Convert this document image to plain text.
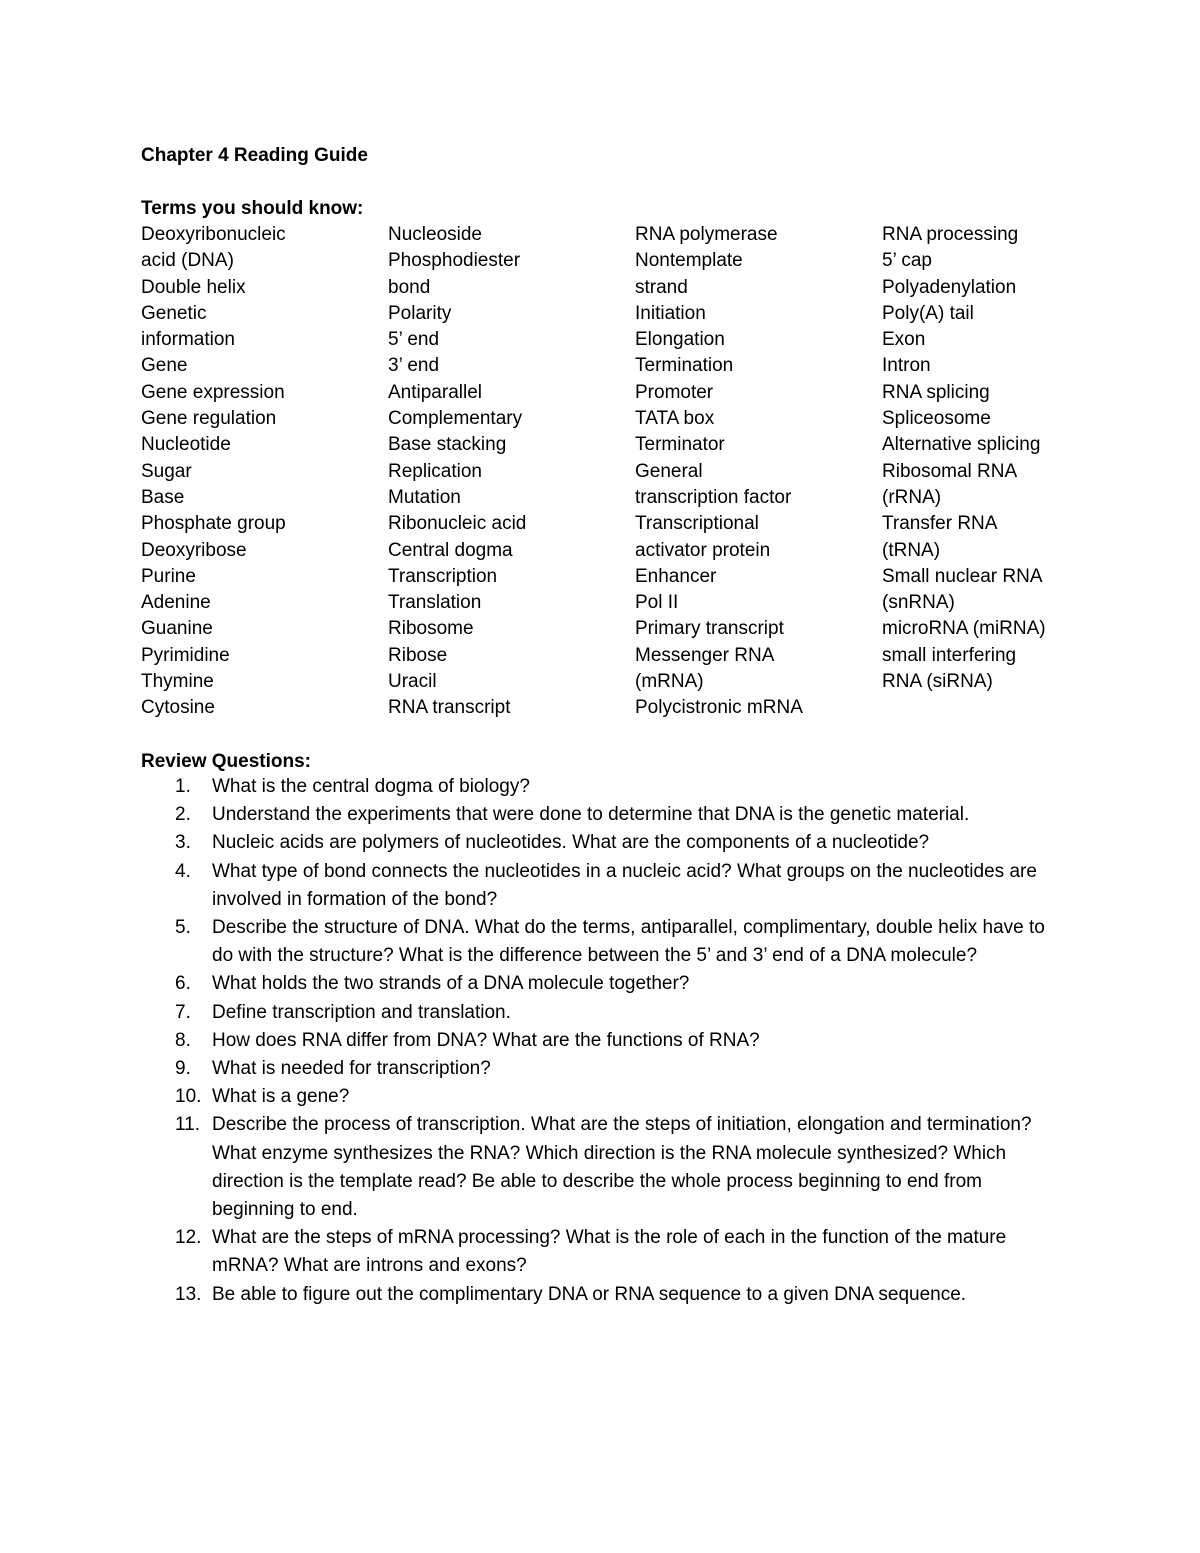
Chapter 4 Reading Guide
Terms you should know:
Deoxyribonucleic
acid (DNA)
Double helix
Genetic
information
Gene
Gene expression
Gene regulation
Nucleotide
Sugar
Base
Phosphate group
Deoxyribose
Purine
Adenine
Guanine
Pyrimidine
Thymine
Cytosine
Nucleoside
Phosphodiester
bond
Polarity
5’ end
3’ end
Antiparallel
Complementary
Base stacking
Replication
Mutation
Ribonucleic acid
Central dogma
Transcription
Translation
Ribosome
Ribose
Uracil
RNA transcript
RNA polymerase
Nontemplate
strand
Initiation
Elongation
Termination
Promoter
TATA box
Terminator
General
transcription factor
Transcriptional
activator protein
Enhancer
Pol II
Primary transcript
Messenger RNA
(mRNA)
Polycistronic mRNA
RNA processing
5’ cap
Polyadenylation
Poly(A) tail
Exon
Intron
RNA splicing
Spliceosome
Alternative splicing
Ribosomal RNA
(rRNA)
Transfer RNA
(tRNA)
Small nuclear RNA
(snRNA)
microRNA (miRNA)
small interfering
RNA (siRNA)
Review Questions:
1. What is the central dogma of biology?
2. Understand the experiments that were done to determine that DNA is the genetic material.
3. Nucleic acids are polymers of nucleotides. What are the components of a nucleotide?
4. What type of bond connects the nucleotides in a nucleic acid? What groups on the nucleotides are involved in formation of the bond?
5. Describe the structure of DNA. What do the terms, antiparallel, complimentary, double helix have to do with the structure? What is the difference between the 5’ and 3’ end of a DNA molecule?
6. What holds the two strands of a DNA molecule together?
7. Define transcription and translation.
8. How does RNA differ from DNA? What are the functions of RNA?
9. What is needed for transcription?
10. What is a gene?
11. Describe the process of transcription. What are the steps of initiation, elongation and termination? What enzyme synthesizes the RNA? Which direction is the RNA molecule synthesized? Which direction is the template read? Be able to describe the whole process beginning to end from beginning to end.
12. What are the steps of mRNA processing? What is the role of each in the function of the mature mRNA? What are introns and exons?
13. Be able to figure out the complimentary DNA or RNA sequence to a given DNA sequence.
